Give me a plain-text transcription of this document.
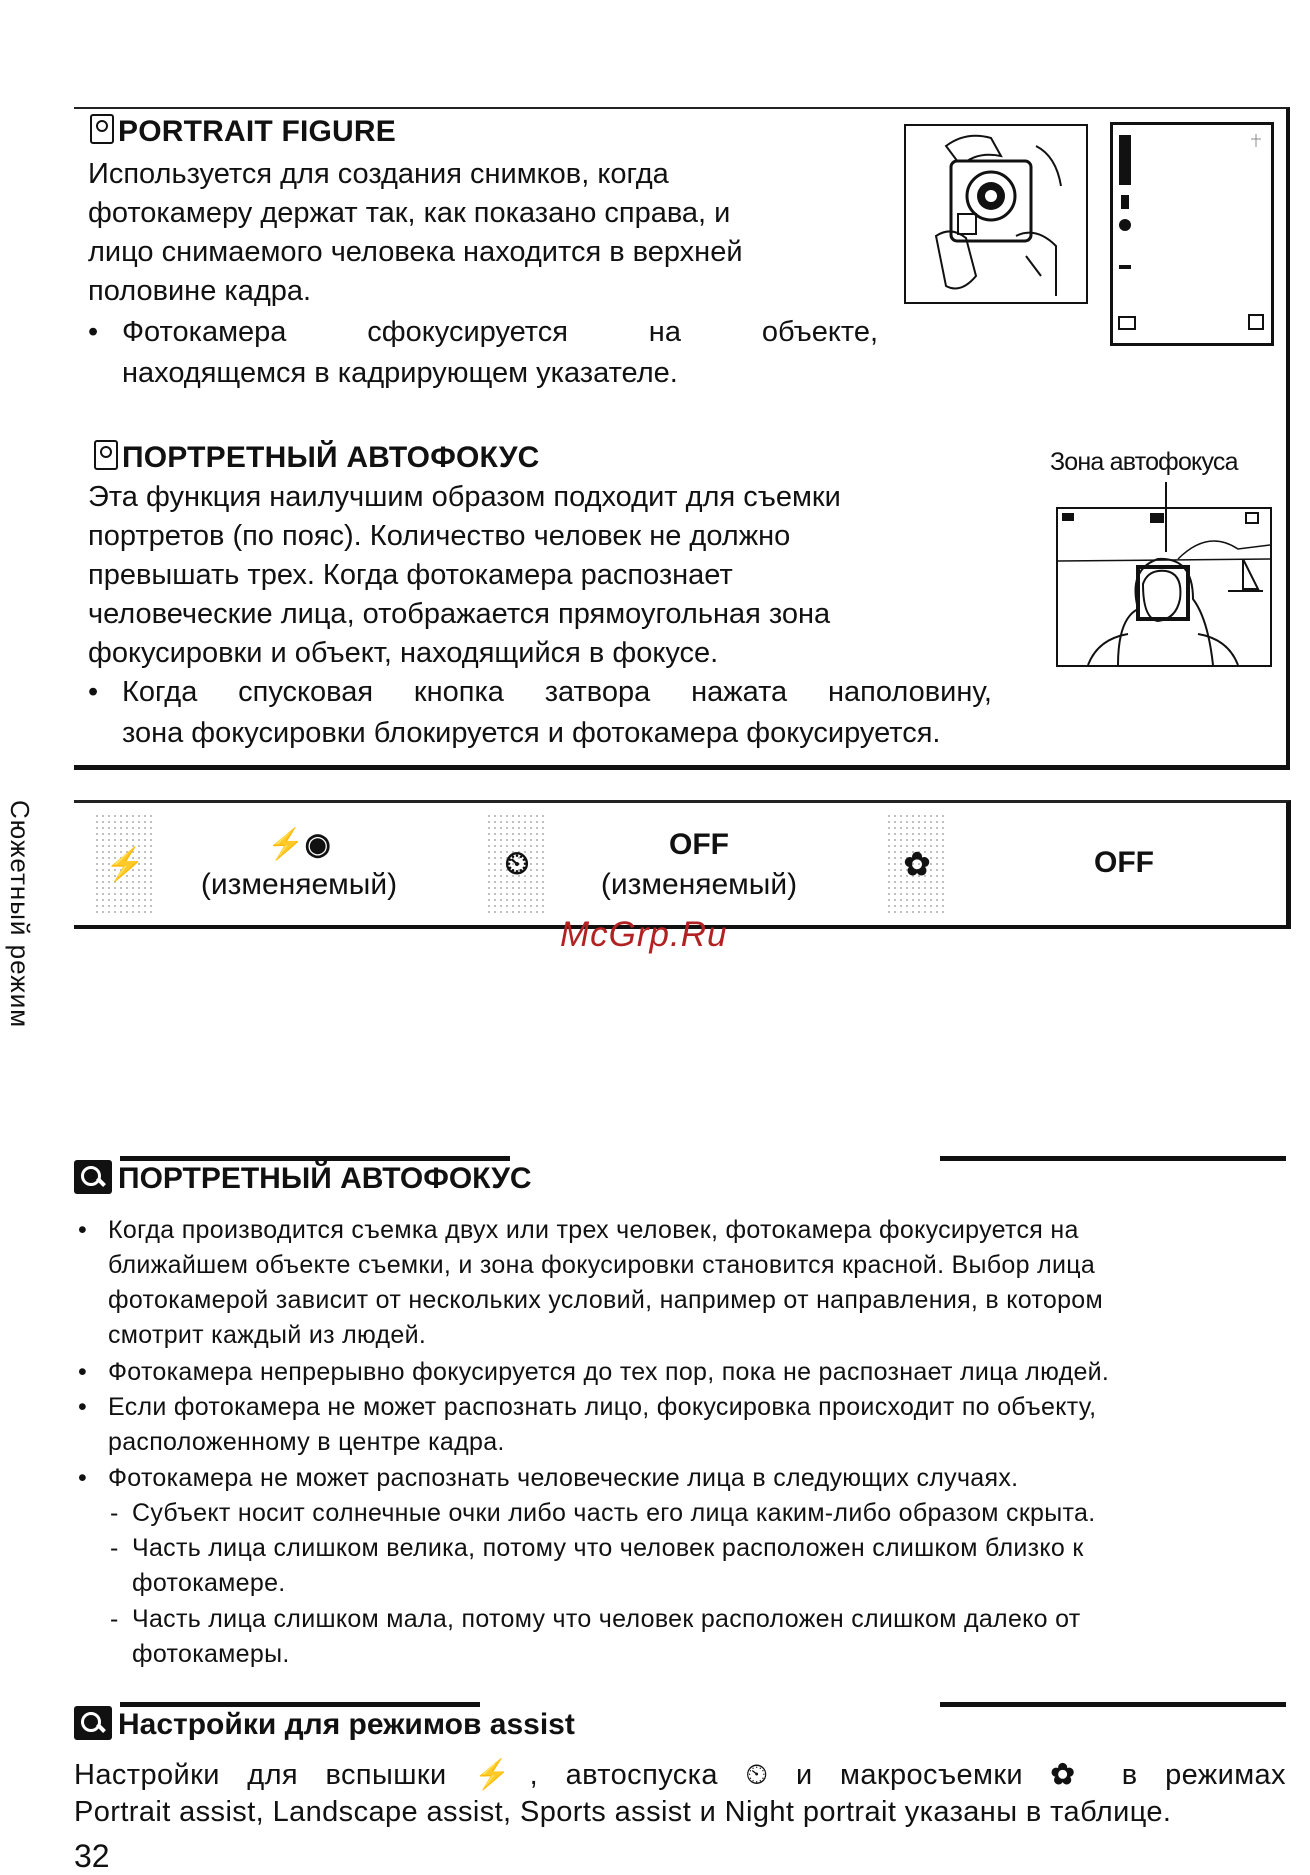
PORTRAIT FIGURE
Используется для создания снимков, когда
фотокамеру держат так, как показано справа, и
лицо снимаемого человека находится в верхней
половине кадра.
• Фотокамера сфокусируется на объекте,
находящемся в кадрирующем указателе.
ПОРТРЕТНЫЙ АВТОФОКУС
Эта функция наилучшим образом подходит для съемки
портретов (по пояс). Количество человек не должно
превышать трех. Когда фотокамера распознает
человеческие лица, отображается прямоугольная зона
фокусировки и объект, находящийся в фокусе.
• Когда спусковая кнопка затвора нажата наполовину,
зона фокусировки блокируется и фотокамера фокусируется.
Зона автофокуса
⚡
⚡◉
(изменяемый)
⏲
OFF
(изменяемый)
✿	OFF
Сюжетный режим	McGrp.Ru
ПОРТРЕТНЫЙ АВТОФОКУС
• Когда производится съемка двух или трех человек, фотокамера фокусируется на
ближайшем объекте съемки, и зона фокусировки становится красной. Выбор лица
фотокамерой зависит от нескольких условий, например от направления, в котором
смотрит каждый из людей.
• Фотокамера непрерывно фокусируется до тех пор, пока не распознает лица людей.
• Если фотокамера не может распознать лицо, фокусировка происходит по объекту,
расположенному в центре кадра.
• Фотокамера не может распознать человеческие лица в следующих случаях.
- Субъект носит солнечные очки либо часть его лица каким-либо образом скрыта.
- Часть лица слишком велика, потому что человек расположен слишком близко к
фотокамере.
- Часть лица слишком мала, потому что человек расположен слишком далеко от
фотокамеры.
Настройки для режимов assist
Настройки для вспышки ⚡, автоспуска ⏲ и макросъемки ✿ в режимах
Portrait assist, Landscape assist, Sports assist и Night portrait указаны в таблице.
32
